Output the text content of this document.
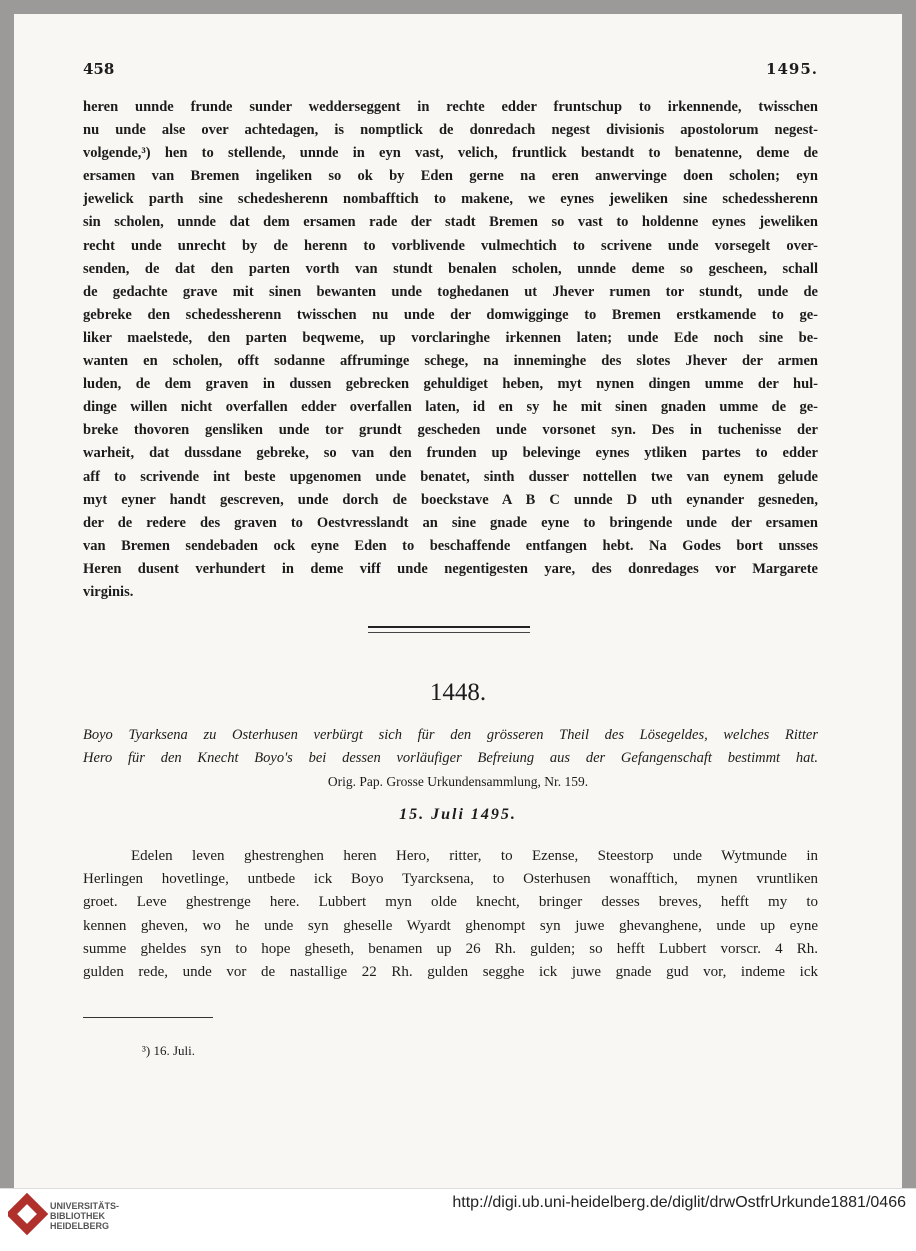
458	1495.
heren unnde frunde sunder wedderseggent in rechte edder fruntschup to irkennende, twisschen
nu unde alse over achtedagen, is nomptlick de donredach negest divisionis apostolorum negest-
volgende,³) hen to stellende, unnde in eyn vast, velich, fruntlick bestandt to benatenne, deme de
ersamen van Bremen ingeliken so ok by Eden gerne na eren anwervinge doen scholen; eyn
jewelick parth sine schedesherenn nombafftich to makene, we eynes jeweliken sine schedessherenn
sin scholen, unnde dat dem ersamen rade der stadt Bremen so vast to holdenne eynes jeweliken
recht unde unrecht by de herenn to vorblivende vulmechtich to scrivene unde vorsegelt over-
senden, de dat den parten vorth van stundt benalen scholen, unnde deme so gescheen, schall
de gedachte grave mit sinen bewanten unde toghedanen ut Jhever rumen tor stundt, unde de
gebreke den schedessherenn twisschen nu unde der domwigginge to Bremen erstkamende to ge-
liker maelstede, den parten beqweme, up vorclaringhe irkennen laten; unde Ede noch sine be-
wanten en scholen, offt sodanne affruminge schege, na inneminghe des slotes Jhever der armen
luden, de dem graven in dussen gebrecken gehuldiget heben, myt nynen dingen umme der hul-
dinge willen nicht overfallen edder overfallen laten, id en sy he mit sinen gnaden umme de ge-
breke thovoren gensliken unde tor grundt gescheden unde vorsonet syn. Des in tuchenisse der
warheit, dat dussdane gebreke, so van den frunden up belevinge eynes ytliken partes to edder
aff to scrivende int beste upgenomen unde benatet, sinth dusser nottellen twe van eynem gelude
myt eyner handt gescreven, unde dorch de boeckstave A B C unnde D uth eynander gesneden,
der de redere des graven to Oestvresslandt an sine gnade eyne to bringende unde der ersamen
van Bremen sendebaden ock eyne Eden to beschaffende entfangen hebt. Na Godes bort unsses
Heren dusent verhundert in deme viff unde negentigesten yare, des donredages vor Margarete
virginis.
1448.
Boyo Tyarksena zu Osterhusen verbürgt sich für den grösseren Theil des Lösegeldes, welches Ritter
Hero für den Knecht Boyo's bei dessen vorläufiger Befreiung aus der Gefangenschaft bestimmt hat.
Orig. Pap. Grosse Urkundensammlung, Nr. 159.
15. Juli 1495.
Edelen leven ghestrenghen heren Hero, ritter, to Ezense, Steestorp unde Wytmunde in
Herlingen hovetlinge, untbede ick Boyo Tyarcksena, to Osterhusen wonafftich, mynen vruntliken
groet. Leve ghestrenge here. Lubbert myn olde knecht, bringer desses breves, hefft my to
kennen gheven, wo he unde syn gheselle Wyardt ghenompt syn juwe ghevanghene, unde up eyne
summe gheldes syn to hope gheseth, benamen up 26 Rh. gulden; so hefft Lubbert vorscr. 4 Rh.
gulden rede, unde vor de nastallige 22 Rh. gulden segghe ick juwe gnade gud vor, indeme ick
³) 16. Juli.
UNIVERSITÄTS-
BIBLIOTHEK
HEIDELBERG
http://digi.ub.uni-heidelberg.de/diglit/drwOstfrUrkunde1881/0466
